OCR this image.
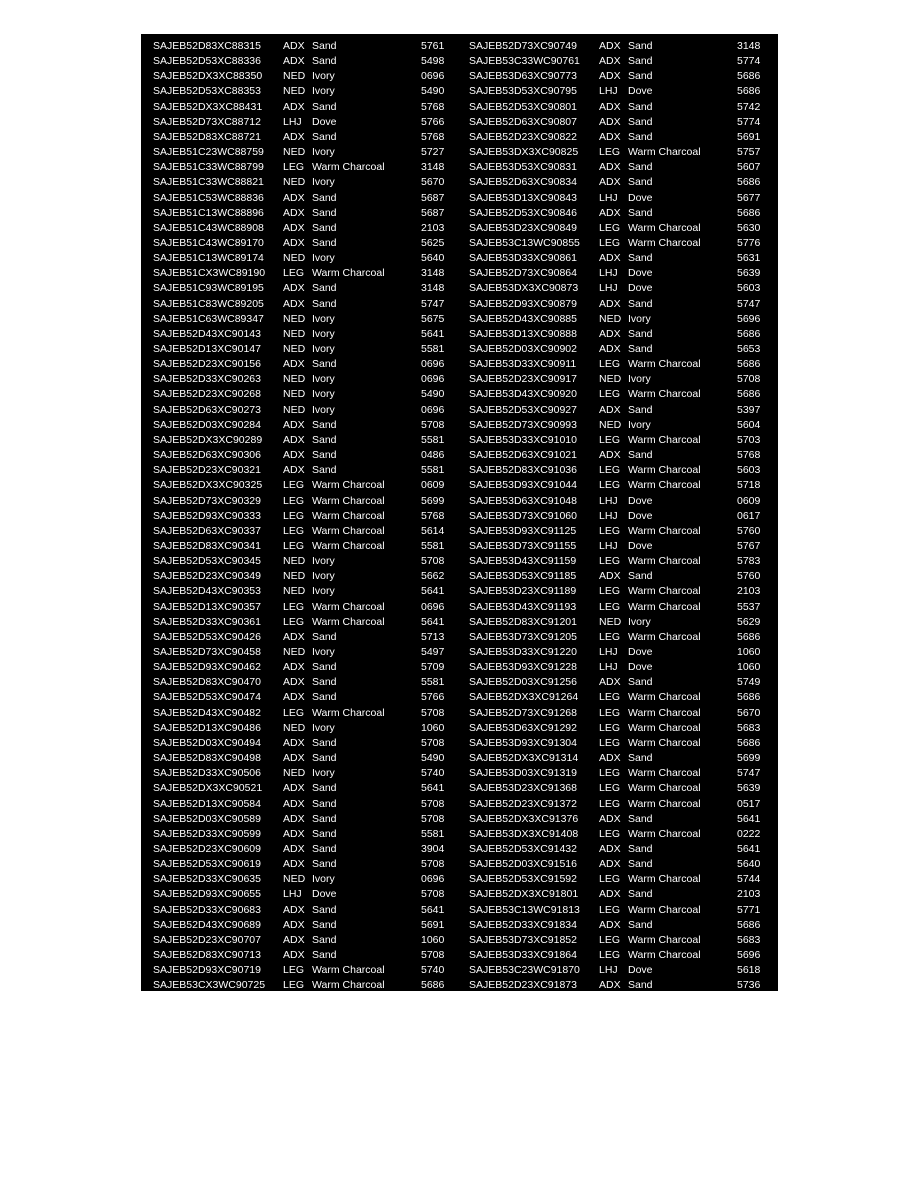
SAJEB52D83XC88315 ADX Sand	5761 SAJEB52D73XC90749 ADX Sand	3148
SAJEB52D53XC88336 ADX Sand	5498 SAJEB53C33WC90761 ADX Sand	5774
SAJEB52DX3XC88350 NED Ivory	0696 SAJEB53D63XC90773 ADX Sand	5686
SAJEB52D53XC88353 NED Ivory	5490 SAJEB53D53XC90795 LHJ Dove	5686
SAJEB52DX3XC88431 ADX Sand	5768 SAJEB52D53XC90801 ADX Sand	5742
SAJEB52D73XC88712 LHJ Dove	5766 SAJEB52D63XC90807 ADX Sand	5774
SAJEB52D83XC88721 ADX Sand	5768 SAJEB52D23XC90822 ADX Sand	5691
SAJEB51C23WC88759 NED Ivory	5727 SAJEB53DX3XC90825 LEG Warm Charcoal	5757
SAJEB51C33WC88799 LEG Warm Charcoal	3148 SAJEB53D53XC90831 ADX Sand	5607
SAJEB51C33WC88821 NED Ivory	5670 SAJEB52D63XC90834 ADX Sand	5686
SAJEB51C53WC88836 ADX Sand	5687 SAJEB53D13XC90843 LHJ Dove	5677
SAJEB51C13WC88896 ADX Sand	5687 SAJEB52D53XC90846 ADX Sand	5686
SAJEB51C43WC88908 ADX Sand	2103 SAJEB53D23XC90849 LEG Warm Charcoal	5630
SAJEB51C43WC89170 ADX Sand	5625 SAJEB53C13WC90855 LEG Warm Charcoal	5776
SAJEB51C13WC89174 NED Ivory	5640 SAJEB53D33XC90861 ADX Sand	5631
SAJEB51CX3WC89190 LEG Warm Charcoal	3148 SAJEB52D73XC90864 LHJ Dove	5639
SAJEB51C93WC89195 ADX Sand	3148 SAJEB53DX3XC90873 LHJ Dove	5603
SAJEB51C83WC89205 ADX Sand	5747 SAJEB52D93XC90879 ADX Sand	5747
SAJEB51C63WC89347 NED Ivory	5675 SAJEB52D43XC90885 NED Ivory	5696
SAJEB52D43XC90143 NED Ivory	5641 SAJEB53D13XC90888 ADX Sand	5686
SAJEB52D13XC90147 NED Ivory	5581 SAJEB52D03XC90902 ADX Sand	5653
SAJEB52D23XC90156 ADX Sand	0696 SAJEB53D33XC90911 LEG Warm Charcoal	5686
SAJEB52D33XC90263 NED Ivory	0696 SAJEB52D23XC90917 NED Ivory	5708
SAJEB52D23XC90268 NED Ivory	5490 SAJEB53D43XC90920 LEG Warm Charcoal	5686
SAJEB52D63XC90273 NED Ivory	0696 SAJEB52D53XC90927 ADX Sand	5397
SAJEB52D03XC90284 ADX Sand	5708 SAJEB52D73XC90993 NED Ivory	5604
SAJEB52DX3XC90289 ADX Sand	5581 SAJEB53D33XC91010 LEG Warm Charcoal	5703
SAJEB52D63XC90306 ADX Sand	0486 SAJEB52D63XC91021 ADX Sand	5768
SAJEB52D23XC90321 ADX Sand	5581 SAJEB52D83XC91036 LEG Warm Charcoal	5603
SAJEB52DX3XC90325 LEG Warm Charcoal	0609 SAJEB53D93XC91044 LEG Warm Charcoal	5718
SAJEB52D73XC90329 LEG Warm Charcoal	5699 SAJEB53D63XC91048 LHJ Dove	0609
SAJEB52D93XC90333 LEG Warm Charcoal	5768 SAJEB53D73XC91060 LHJ Dove	0617
SAJEB52D63XC90337 LEG Warm Charcoal	5614 SAJEB53D93XC91125 LEG Warm Charcoal	5760
SAJEB52D83XC90341 LEG Warm Charcoal	5581 SAJEB53D73XC91155 LHJ Dove	5767
SAJEB52D53XC90345 NED Ivory	5708 SAJEB53D43XC91159 LEG Warm Charcoal	5783
SAJEB52D23XC90349 NED Ivory	5662 SAJEB53D53XC91185 ADX Sand	5760
SAJEB52D43XC90353 NED Ivory	5641 SAJEB53D23XC91189 LEG Warm Charcoal	2103
SAJEB52D13XC90357 LEG Warm Charcoal	0696 SAJEB53D43XC91193 LEG Warm Charcoal	5537
SAJEB52D33XC90361 LEG Warm Charcoal	5641 SAJEB52D83XC91201 NED Ivory	5629
SAJEB52D53XC90426 ADX Sand	5713 SAJEB53D73XC91205 LEG Warm Charcoal	5686
SAJEB52D73XC90458 NED Ivory	5497 SAJEB53D33XC91220 LHJ Dove	1060
SAJEB52D93XC90462 ADX Sand	5709 SAJEB53D93XC91228 LHJ Dove	1060
SAJEB52D83XC90470 ADX Sand	5581 SAJEB52D03XC91256 ADX Sand	5749
SAJEB52D53XC90474 ADX Sand	5766 SAJEB52DX3XC91264 LEG Warm Charcoal	5686
SAJEB52D43XC90482 LEG Warm Charcoal	5708 SAJEB52D73XC91268 LEG Warm Charcoal	5670
SAJEB52D13XC90486 NED Ivory	1060 SAJEB53D63XC91292 LEG Warm Charcoal	5683
SAJEB52D03XC90494 ADX Sand	5708 SAJEB53D93XC91304 LEG Warm Charcoal	5686
SAJEB52D83XC90498 ADX Sand	5490 SAJEB52DX3XC91314 ADX Sand	5699
SAJEB52D33XC90506 NED Ivory	5740 SAJEB53D03XC91319 LEG Warm Charcoal	5747
SAJEB52DX3XC90521 ADX Sand	5641 SAJEB53D23XC91368 LEG Warm Charcoal	5639
SAJEB52D13XC90584 ADX Sand	5708 SAJEB52D23XC91372 LEG Warm Charcoal	0517
SAJEB52D03XC90589 ADX Sand	5708 SAJEB52DX3XC91376 ADX Sand	5641
SAJEB52D33XC90599 ADX Sand	5581 SAJEB53DX3XC91408 LEG Warm Charcoal	0222
SAJEB52D23XC90609 ADX Sand	3904 SAJEB52D53XC91432 ADX Sand	5641
SAJEB52D53XC90619 ADX Sand	5708 SAJEB52D03XC91516 ADX Sand	5640
SAJEB52D33XC90635 NED Ivory	0696 SAJEB52D53XC91592 LEG Warm Charcoal	5744
SAJEB52D93XC90655 LHJ Dove	5708 SAJEB52DX3XC91801 ADX Sand	2103
SAJEB52D33XC90683 ADX Sand	5641 SAJEB53C13WC91813 LEG Warm Charcoal	5771
SAJEB52D43XC90689 ADX Sand	5691 SAJEB52D33XC91834 ADX Sand	5686
SAJEB52D23XC90707 ADX Sand	1060 SAJEB53D73XC91852 LEG Warm Charcoal	5683
SAJEB52D83XC90713 ADX Sand	5708 SAJEB53D33XC91864 LEG Warm Charcoal	5696
SAJEB52D93XC90719 LEG Warm Charcoal	5740 SAJEB53C23WC91870 LHJ Dove	5618
SAJEB53CX3WC90725 LEG Warm Charcoal	5686 SAJEB52D23XC91873 ADX Sand	5736
